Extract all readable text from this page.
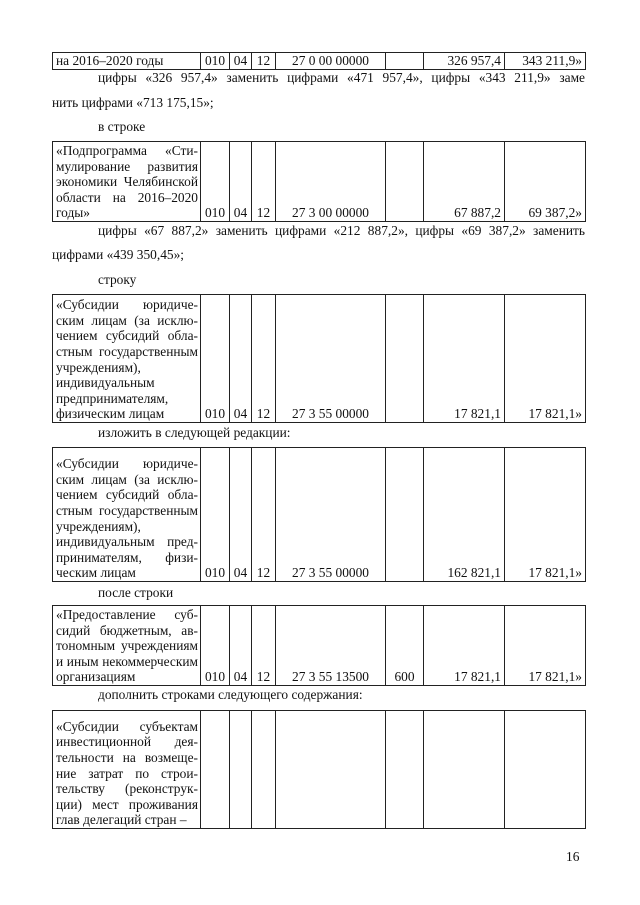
на 2016–2020 годы	010	04	12	27 0 00 00000		326 957,4	343 211,9»
цифры «326 957,4» заменить цифрами «471 957,4», цифры «343 211,9» заме
нить цифрами «713 175,15»;
в строке
«Подпрограмма «Стимулирование развития экономики Челябинской области на 2016–2020 годы»	010	04	12	27 3 00 00000		67 887,2	69 387,2»
цифры «67 887,2» заменить цифрами «212 887,2», цифры «69 387,2» заменить
цифрами «439 350,45»;
строку
«Субсидии юридическим лицам (за исключением субсидий областным государственным учреждениям), индивидуальным предпринимателям, физическим лицам	010	04	12	27 3 55 00000		17 821,1	17 821,1»
изложить в следующей редакции:
«Субсидии юридическим лицам (за исключением субсидий областным государственным учреждениям), индивидуальным предпринимателям, физическим лицам	010	04	12	27 3 55 00000		162 821,1	17 821,1»
после строки
«Предоставление субсидий бюджетным, автономным учреждениям и иным некоммерческим организациям	010	04	12	27 3 55 13500	600	17 821,1	17 821,1»
дополнить строками следующего содержания:
«Субсидии субъектам инвестиционной деятельности на возмещение затрат по строительству (реконструкции) мест проживания глав делегаций стран –							
16
